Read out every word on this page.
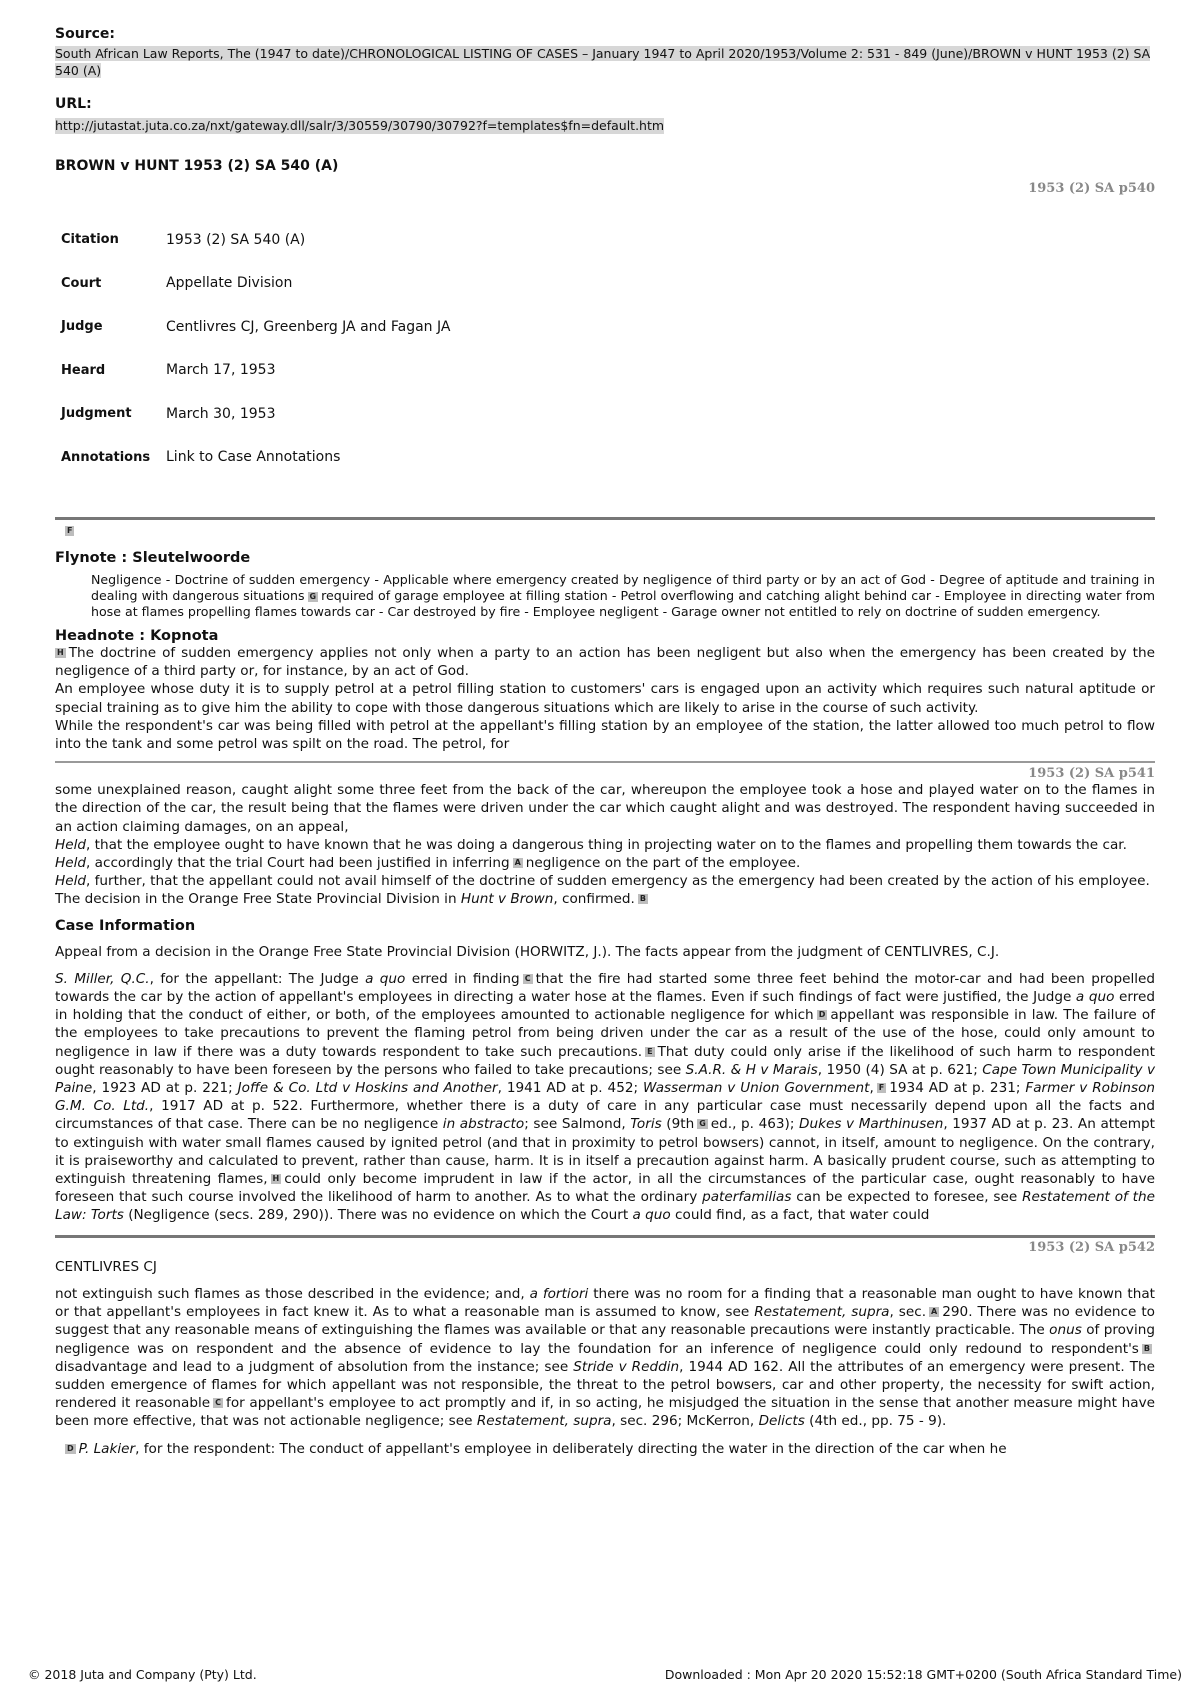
Source:
South African Law Reports, The (1947 to date)/CHRONOLOGICAL LISTING OF CASES – January 1947 to April 2020/1953/Volume 2: 531 - 849 (June)/BROWN v HUNT 1953 (2) SA 540 (A)
URL:
http://jutastat.juta.co.za/nxt/gateway.dll/salr/3/30559/30790/30792?f=templates$fn=default.htm
BROWN v HUNT 1953 (2) SA 540 (A)
1953 (2) SA p540
Citation	1953 (2) SA 540 (A)
Court	Appellate Division
Judge	Centlivres CJ, Greenberg JA and Fagan JA
Heard	March 17, 1953
Judgment	March 30, 1953
Annotations	Link to Case Annotations
F
Flynote : Sleutelwoorde
Negligence - Doctrine of sudden emergency - Applicable where emergency created by negligence of third party or by an act of God - Degree of aptitude and training in dealing with dangerous situations G required of garage employee at filling station - Petrol overflowing and catching alight behind car - Employee in directing water from hose at flames propelling flames towards car - Car destroyed by fire - Employee negligent - Garage owner not entitled to rely on doctrine of sudden emergency.
Headnote : Kopnota

H The doctrine of sudden emergency applies not only when a party to an action has been negligent but also when the emergency has been created by the negligence of a third party or, for instance, by an act of God.

An employee whose duty it is to supply petrol at a petrol filling station to customers' cars is engaged upon an activity which requires such natural aptitude or special training as to give him the ability to cope with those dangerous situations which are likely to arise in the course of such activity.

While the respondent's car was being filled with petrol at the appellant's filling station by an employee of the station, the latter allowed too much petrol to flow into the tank and some petrol was spilt on the road. The petrol, for

1953 (2) SA p541

some unexplained reason, caught alight some three feet from the back of the car, whereupon the employee took a hose and played water on to the flames in the direction of the car, the result being that the flames were driven under the car which caught alight and was destroyed. The respondent having succeeded in an action claiming damages, on an appeal,

Held, that the employee ought to have known that he was doing a dangerous thing in projecting water on to the flames and propelling them towards the car.

Held, accordingly that the trial Court had been justified in inferring A negligence on the part of the employee.

Held, further, that the appellant could not avail himself of the doctrine of sudden emergency as the emergency had been created by the action of his employee.

The decision in the Orange Free State Provincial Division in Hunt v Brown, confirmed. B

Case Information
Appeal from a decision in the Orange Free State Provincial Division (HORWITZ, J.). The facts appear from the judgment of CENTLIVRES, C.J.
S. Miller, Q.C., for the appellant: The Judge a quo erred in finding C that the fire had started some three feet behind the motor-car and had been propelled towards the car by the action of appellant's employees in directing a water hose at the flames. Even if such findings of fact were justified, the Judge a quo erred in holding that the conduct of either, or both, of the employees amounted to actionable negligence for which D appellant was responsible in law. The failure of the employees to take precautions to prevent the flaming petrol from being driven under the car as a result of the use of the hose, could only amount to negligence in law if there was a duty towards respondent to take such precautions. E That duty could only arise if the likelihood of such harm to respondent ought reasonably to have been foreseen by the persons who failed to take precautions; see S.A.R. & H v Marais, 1950 (4) SA at p. 621; Cape Town Municipality v Paine, 1923 AD at p. 221; Joffe & Co. Ltd v Hoskins and Another, 1941 AD at p. 452; Wasserman v Union Government, F 1934 AD at p. 231; Farmer v Robinson G.M. Co. Ltd., 1917 AD at p. 522. Furthermore, whether there is a duty of care in any particular case must necessarily depend upon all the facts and circumstances of that case. There can be no negligence in abstracto; see Salmond, Toris (9th G ed., p. 463); Dukes v Marthinusen, 1937 AD at p. 23. An attempt to extinguish with water small flames caused by ignited petrol (and that in proximity to petrol bowsers) cannot, in itself, amount to negligence. On the contrary, it is praiseworthy and calculated to prevent, rather than cause, harm. It is in itself a precaution against harm. A basically prudent course, such as attempting to extinguish threatening flames, H could only become imprudent in law if the actor, in all the circumstances of the particular case, ought reasonably to have foreseen that such course involved the likelihood of harm to another. As to what the ordinary paterfamilias can be expected to foresee, see Restatement of the Law: Torts (Negligence (secs. 289, 290)). There was no evidence on which the Court a quo could find, as a fact, that water could
1953 (2) SA p542
CENTLIVRES CJ
not extinguish such flames as those described in the evidence; and, a fortiori there was no room for a finding that a reasonable man ought to have known that or that appellant's employees in fact knew it. As to what a reasonable man is assumed to know, see Restatement, supra, sec. A 290. There was no evidence to suggest that any reasonable means of extinguishing the flames was available or that any reasonable precautions were instantly practicable. The onus of proving negligence was on respondent and the absence of evidence to lay the foundation for an inference of negligence could only redound to respondent's Bdisadvantage and lead to a judgment of absolution from the instance; see Stride v Reddin, 1944 AD 162. All the attributes of an emergency were present. The sudden emergence of flames for which appellant was not responsible, the threat to the petrol bowsers, car and other property, the necessity for swift action, rendered it reasonable C for appellant's employee to act promptly and if, in so acting, he misjudged the situation in the sense that another measure might have been more effective, that was not actionable negligence; see Restatement, supra, sec. 296; McKerron, Delicts (4th ed., pp. 75 - 9).
D P. Lakier, for the respondent: The conduct of appellant's employee in deliberately directing the water in the direction of the car when he
© 2018 Juta and Company (Pty) Ltd.	Downloaded : Mon Apr 20 2020 15:52:18 GMT+0200 (South Africa Standard Time)
